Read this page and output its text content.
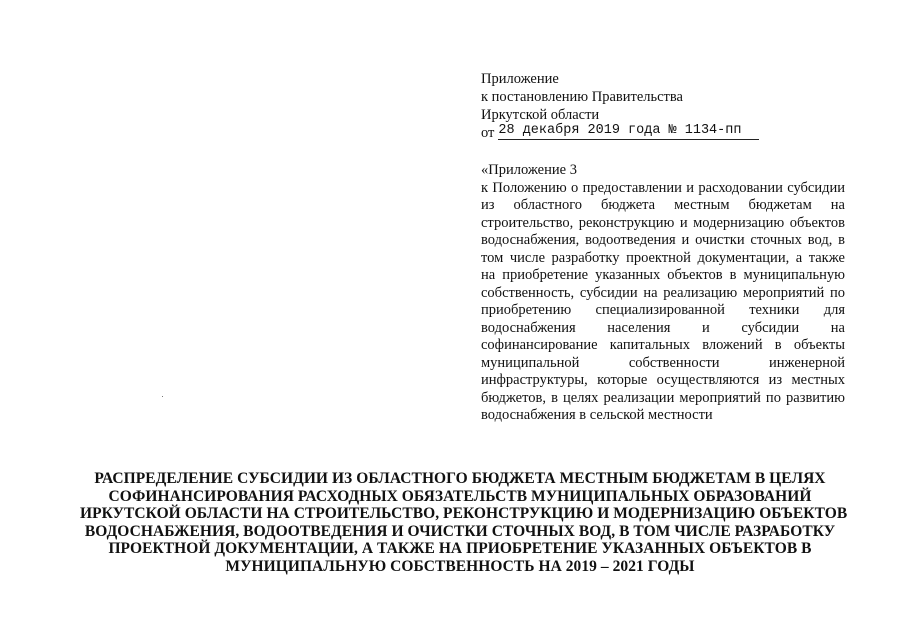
Приложение
к постановлению Правительства
Иркутской области
от 28 декабря 2019 года № 1134-пп
«Приложение 3

к Положению о предоставлении и расходовании субсидии из областного бюджета местным бюджетам на строительство, реконструкцию и модернизацию объектов водоснабжения, водоотведения и очистки сточных вод, в том числе разработку проектной документации, а также на приобретение указанных объектов в муниципальную собственность, субсидии на реализацию мероприятий по приобретению специализированной техники для водоснабжения населения и субсидии на софинансирование капитальных вложений в объекты муниципальной собственности инженерной инфраструктуры, которые осуществляются из местных бюджетов, в целях реализации мероприятий по развитию водоснабжения в сельской местности

РАСПРЕДЕЛЕНИЕ СУБСИДИИ ИЗ ОБЛАСТНОГО БЮДЖЕТА МЕСТНЫМ БЮДЖЕТАМ В ЦЕЛЯХ
СОФИНАНСИРОВАНИЯ РАСХОДНЫХ ОБЯЗАТЕЛЬСТВ МУНИЦИПАЛЬНЫХ ОБРАЗОВАНИЙ
ИРКУТСКОЙ ОБЛАСТИ НА СТРОИТЕЛЬСТВО, РЕКОНСТРУКЦИЮ И МОДЕРНИЗАЦИЮ ОБЪЕКТОВ
ВОДОСНАБЖЕНИЯ, ВОДООТВЕДЕНИЯ И ОЧИСТКИ СТОЧНЫХ ВОД, В ТОМ ЧИСЛЕ РАЗРАБОТКУ
ПРОЕКТНОЙ ДОКУМЕНТАЦИИ, А ТАКЖЕ НА ПРИОБРЕТЕНИЕ УКАЗАННЫХ ОБЪЕКТОВ В
МУНИЦИПАЛЬНУЮ СОБСТВЕННОСТЬ НА 2019 – 2021 ГОДЫ
